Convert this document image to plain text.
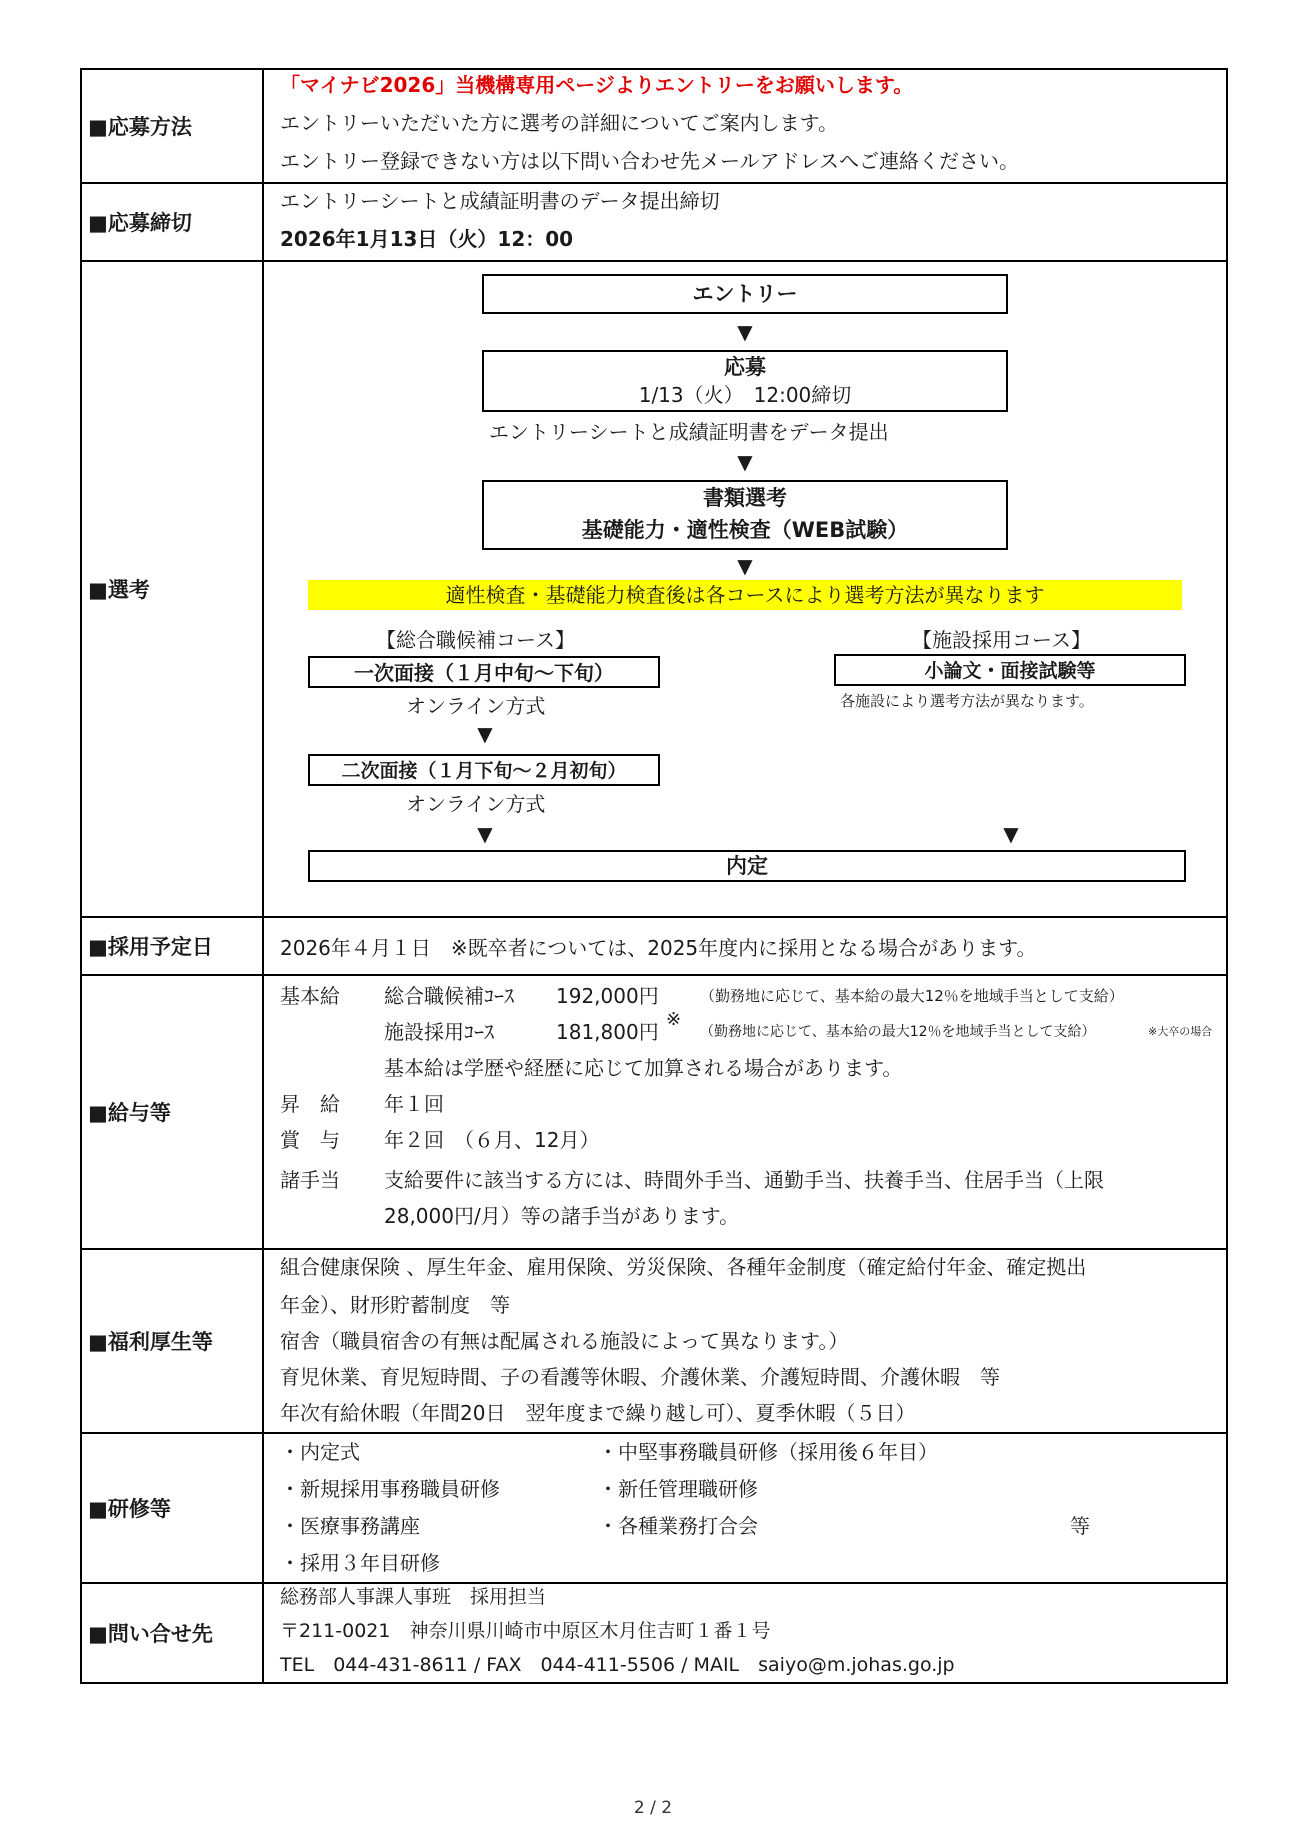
■応募方法
「マイナビ2026」当機構専用ページよりエントリーをお願いします。
エントリーいただいた方に選考の詳細についてご案内します。
エントリー登録できない方は以下問い合わせ先メールアドレスへご連絡ください。
■応募締切
エントリーシートと成績証明書のデータ提出締切
2026年1月13日（火）12：00
■選考
エントリー
▼
応募
1/13（火）　12:00締切
エントリーシートと成績証明書をデータ提出
▼
書類選考
基礎能力・適性検査（WEB試験）
▼
適性検査・基礎能力検査後は各コースにより選考方法が異なります
【総合職候補コース】	【施設採用コース】
一次面接（１月中旬～下旬）
オンライン方式
小論文・面接試験等
各施設により選考方法が異なります。
▼
二次面接（１月下旬～２月初旬）
オンライン方式
▼	▼
内定
■採用予定日	2026年４月１日　※既卒者については、2025年度内に採用となる場合があります。
■給与等
基本給 総合職候補ｺｰｽ 192,000円	（勤務地に応じて、基本給の最大12％を地域手当として支給）
施設採用ｺｰｽ	181,800円
※
（勤務地に応じて、基本給の最大12％を地域手当として支給）	※大卒の場合
基本給は学歴や経歴に応じて加算される場合があります。
昇　給 年１回
賞　与 年２回　（６月、12月）
諸手当 支給要件に該当する方には、時間外手当、通勤手当、扶養手当、住居手当（上限
28,000円/月）等の諸手当があります。
■福利厚生等
組合健康保険 、厚生年金、雇用保険、労災保険、各種年金制度（確定給付年金、確定拠出
年金）、財形貯蓄制度　等
宿舎（職員宿舎の有無は配属される施設によって異なります。）
育児休業、育児短時間、子の看護等休暇、介護休業、介護短時間、介護休暇　等
年次有給休暇（年間20日　翌年度まで繰り越し可）、夏季休暇（５日）
■研修等
・内定式
・新規採用事務職員研修
・医療事務講座
・採用３年目研修
・中堅事務職員研修（採用後６年目）
・新任管理職研修
・各種業務打合会	等
■問い合せ先
総務部人事課人事班　採用担当
〒211-0021　神奈川県川崎市中原区木月住吉町１番１号
TEL　044-431-8611 / FAX　044-411-5506 / MAIL　saiyo@m.johas.go.jp
2 / 2
